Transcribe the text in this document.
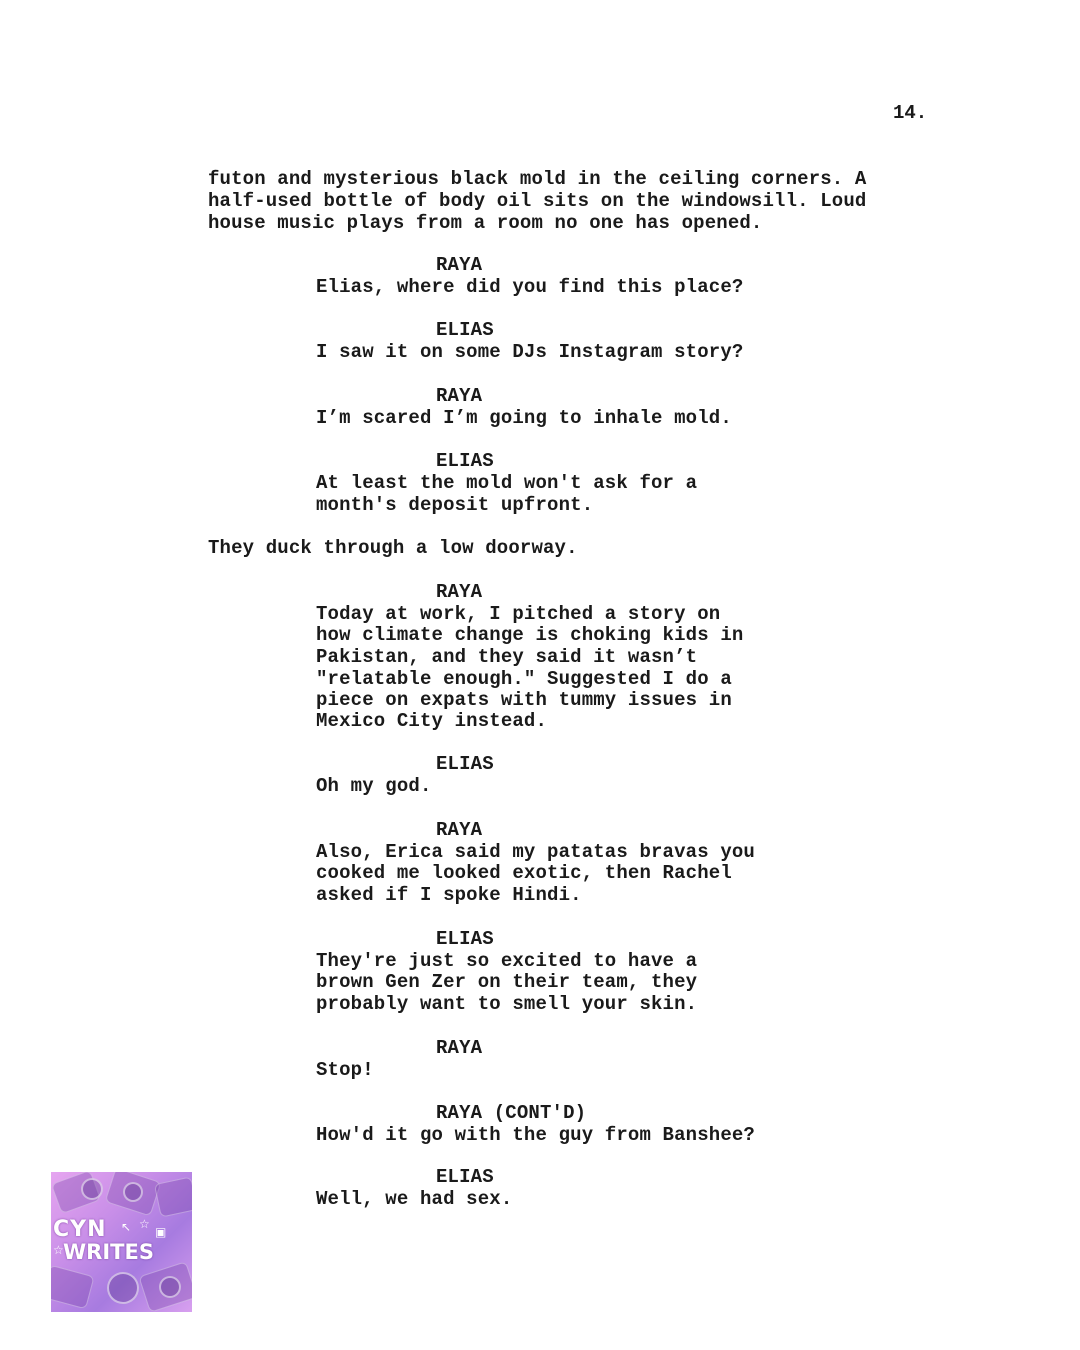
14.
futon and mysterious black mold in the ceiling corners. A
half-used bottle of body oil sits on the windowsill. Loud
house music plays from a room no one has opened.
RAYA
Elias, where did you find this place?
ELIAS
I saw it on some DJs Instagram story?
RAYA
I’m scared I’m going to inhale mold.
ELIAS
At least the mold won't ask for a
month's deposit upfront.
They duck through a low doorway.
RAYA
Today at work, I pitched a story on
how climate change is choking kids in
Pakistan, and they said it wasn’t
"relatable enough." Suggested I do a
piece on expats with tummy issues in
Mexico City instead.
ELIAS
Oh my god.
RAYA
Also, Erica said my patatas bravas you
cooked me looked exotic, then Rachel
asked if I spoke Hindi.
ELIAS
They're just so excited to have a
brown Gen Zer on their team, they
probably want to smell your skin.
RAYA
Stop!
RAYA (CONT'D)
How'd it go with the guy from Banshee?
ELIAS
Well, we had sex.
CYN ↖ ☆
▣
☆ WRITES
